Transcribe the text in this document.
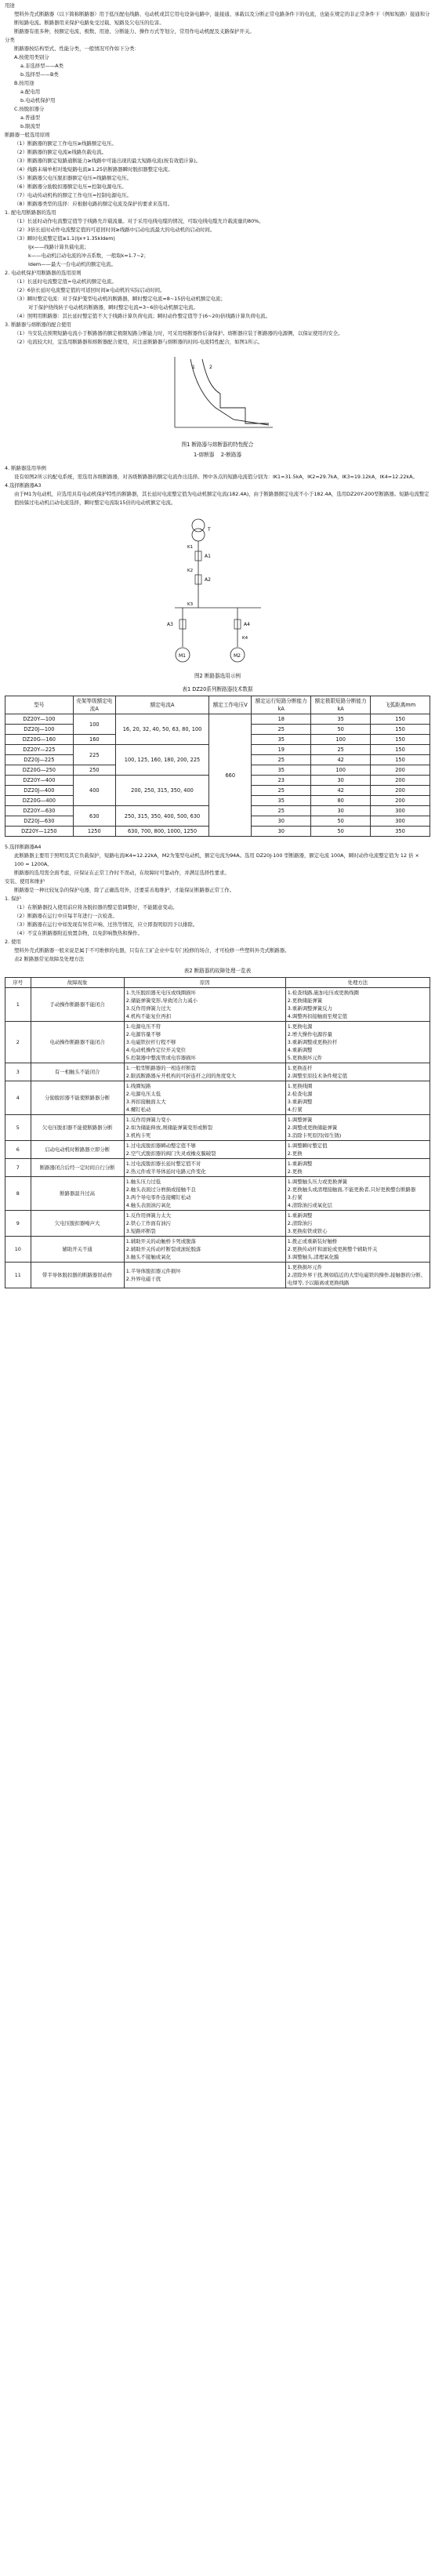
用途

塑料外壳式断路器（以下简称断路器）用于低压配电线路、电动机或其它用电设备电路中，能接通、承载以及分断正常电路条件下的电流，也能在规定的非正常条件下（例如短路）接通和分断短路电流。断路器用来保护电路免受过载、短路及欠电压的危害。

断路器有很多种，按额定电流、极数、用途、分断能力、操作方式等划分，常用作电动机配及支路保护开关。

分类

断路器按结构型式、性能分类，一般情况可作如下分类：

A.按使用类别分

a.非选择型——A类

b.选择型——B类

B.按用途

a.配电用

b.电动机保护用

C.按脱扣器分

a.普通型

b.限流型

断路器一般选用原则

（1）断路器的额定工作电压≥线路额定电压。

（2）断路器的额定电流≥线路负载电流。

（3）断路器的额定短路通断能力≥线路中可能出现的最大短路电流(按有效值计算)。

（4）线路末端单相对地短路电流≥1.25倍断路器瞬时脱扣器整定电流。

（5）断路器欠电压脱扣器额定电压=线路额定电压。

（6）断路器分励脱扣器额定电压=控制电源电压。

（7）电动传动机构的额定工作电压=控制电源电压。

（8）断路器类型的选择：应根据电路的额定电流及保护的要求来选用。

1. 配电用断路器的选用

（1）长延时动作电流整定值等于线路允许载流量。对于采用电线电缆的情况，可取电线电缆允许载流量的80%。

（2）3倍长延时动作电流整定值的可返回时间≥线路中启动电流最大的电动机的启动时间。

（3）瞬时电流整定值≥1.1(Ijx+1.35kIdem)

Ijx——线路计算负载电流；

k——电动机启动电流的冲击系数，一般取k=1.7~2；

Idem——最大一台电动机的额定电流。

2. 电动机保护用断路器的选用原则

（1）长延时电流整定值=电动机的额定电流。

（2）6倍长延时电流整定值的可返回时间≥电动机的实际启动时间。

（3）瞬时整定电流：对于保护笼型电动机的断路器，瞬时整定电流=8~15倍电动机额定电流；

对于保护绕线转子电动机的断路器，瞬时整定电流=3~6倍电动机额定电流。

（4）照明用断路器：其长延时整定值不大于线路计算负荷电流；瞬时动作整定值等于(6~20)倍线路计算负荷电流。

3. 断路器与熔断器的配合使用

（1）当安装点预期短路电流小于断路器的额定极限短路分断能力时，可采用熔断器作后备保护。熔断器应装于断路器的电源侧，以保证使用的安全。

（2）电流较大时，宜选用断路器和熔断器配合使用，应注意断路器与熔断器的时间-电流特性配合，如图1所示。

1	2
图1 断路器与熔断器的特性配合
1-熔断器 2-断路器

4. 断路器选用举例

设有如图2所示的配电系统，需选用各级断路器，对各级断路器的额定电流作出选择。图中各点的短路电流值分别为：IK1=31.5kA，IK2=29.7kA，IK3=19.12kA，IK4=12.22kA。

4.选择断路器A3

由于M1为电动机，应选用具有电动机保护特性的断路器，其长延时电流整定值为电动机额定电流(182.4A)，由于断路器额定电流不小于182.4A，选用DZ20Y-200型断路器。短路电流整定值按躲过电动机启动电流选择，瞬时整定电流取15倍的电动机额定电流。

T
A1
A2
A3	A4
M1	M2
K1
K2
K3
K4
图2 断路器选用示例
表1 DZ20系列断路器技术数据
型号	壳架等级额定电流A	额定电流A	额定工作电压V	额定运行短路分断能力kA	额定极限短路分断能力kA	飞弧距离mm
DZ20Y—100	100	16, 20, 32, 40, 50, 63, 80, 100	660	18	35	150
DZ20J—100				25	50	150
DZ20G—160	160			35	100	150
DZ20Y—225	225	100, 125, 160, 180, 200, 225		19	25	150
DZ20J—225				25	42	150
DZ20G—250	250			35	100	200
DZ20Y—400	400	200, 250, 315, 350, 400		23	30	200
DZ20J—400				25	42	200
DZ20G—400				35	80	200
DZ20Y—630	630	250, 315, 350, 400, 500, 630		25	30	300
DZ20J—630				30	50	300
DZ20Y—1250	1250	630, 700, 800, 1000, 1250		30	50	350

5.选择断路器A4

此断路器主要用于照明及其它负载保护，短路电流IK4=12.22kA，M2为笼型电动机，额定电流为94A。选用 DZ20J-100 型断路器，额定电流 100A，瞬时动作电流整定值为 12 倍 × 100 = 1200A。

断路器的选用需全面考虑，应保证在正常工作时不误动，在故障时可靠动作，并满足选择性要求。

安装、使用和维护

断路器是一种比较复杂的保护电器，除了正确选用外，还要妥善地维护，才能保证断路器正常工作。

1. 保护

（1）在断路器投入使用前应将各脱扣器的整定值调整好，不能随意变动。

（2）断路器在运行中应每半年进行一次检查。

（3）断路器在运行中如发现有异常声响、过热等情况，应立即查明原因予以排除。

（4）不宜在断路器附近放置杂物，以免影响散热和操作。

2. 使用

塑料外壳式断路器一般来说是属于不可维修的电器，只有在工矿企业中有专门检修的场合，才可检修一些塑料外壳式断路器。

表2 断路器常见故障及处理方法

表2 断路器的故障处理一览表
序号	故障现象	原因	处理方法
1	手动操作断路器不能闭合	1.失压脱扣器无电压或线圈损坏
2.储能弹簧变形,导致闭合力减小
3.反作用弹簧力过大
4.机构不能复位再扣	1.检查线路,施加电压或更换线圈
2.更换储能弹簧
3.重新调整弹簧反力
4.调整再扣接触面至规定值
2	电动操作断路器不能闭合	1.电源电压不符
2.电源容量不够
3.电磁铁拉杆行程不够
4.电动机操作定位开关变位
5.控制器中整流管或电容器损坏	1.更换电源
2.增大操作电源容量
3.重新调整或更换拉杆
4.重新调整
5.更换损坏元件
3	有一相触头不能闭合	1.一般型断路器的一相连杆断裂
2.限流断路器斥开机构的可折连杆之间的角度变大	1.更换连杆
2.调整至原技术条件规定值
4	分励脱扣器不能使断路器分断	1.线圈短路
2.电源电压太低
3.再扣接触面太大
4.螺钉松动	1.更换线圈
2.检查电源
3.重新调整
4.拧紧
5	欠电压脱扣器不能使断路器分断	1.反作用弹簧力变小
2.如为储能释放,则储能弹簧变形或断裂
3.机构卡死	1.调整弹簧
2.调整或更换储能弹簧
3.消除卡死原因(如生锈)
6	启动电动机时断路器立即分断	1.过电流脱扣器瞬动整定值不够
2.空气式脱扣器的阀门失灵或橡皮膜破裂	1.调整瞬时整定值
2.更换
7	断路器闭合后经一定时间自行分断	1.过电流脱扣器长延时整定值不对
2.热元件或半导体延时电路元件变化	1.重新调整
2.更换
8	断路器温升过高	1.触头压力过低
2.触头表面过分磨损或接触不良
3.两个导电零件连接螺钉松动
4.触头表面油污氧化	1.调整触头压力或更换弹簧
2.更换触头或清理接触面,不能更换者,只好更换整台断路器
3.拧紧
4.清除油污或氧化层
9	欠电压脱扣器噪声大	1.反作用弹簧力太大
2.铁心工作面有油污
3.短路环断裂	1.重新调整
2.清除油污
3.更换衔铁或铁心
10	辅助开关不通	1.辅助开关的动触桥卡死或脱落
2.辅助开关传动杆断裂或滚轮脱落
3.触头不接触或氧化	1.拨正或重新装好触桥
2.更换传动杆和滚轮或更换整个辅助开关
3.调整触头,清理氧化膜
11	带半导体脱扣器的断路器误动作	1.半导体脱扣器元件损坏
2.外界电磁干扰	1.更换损坏元件
2.清除外界干扰,例如临近的大型电磁铁的操作,接触器的分断、电焊等,予以隔离或更换线路
